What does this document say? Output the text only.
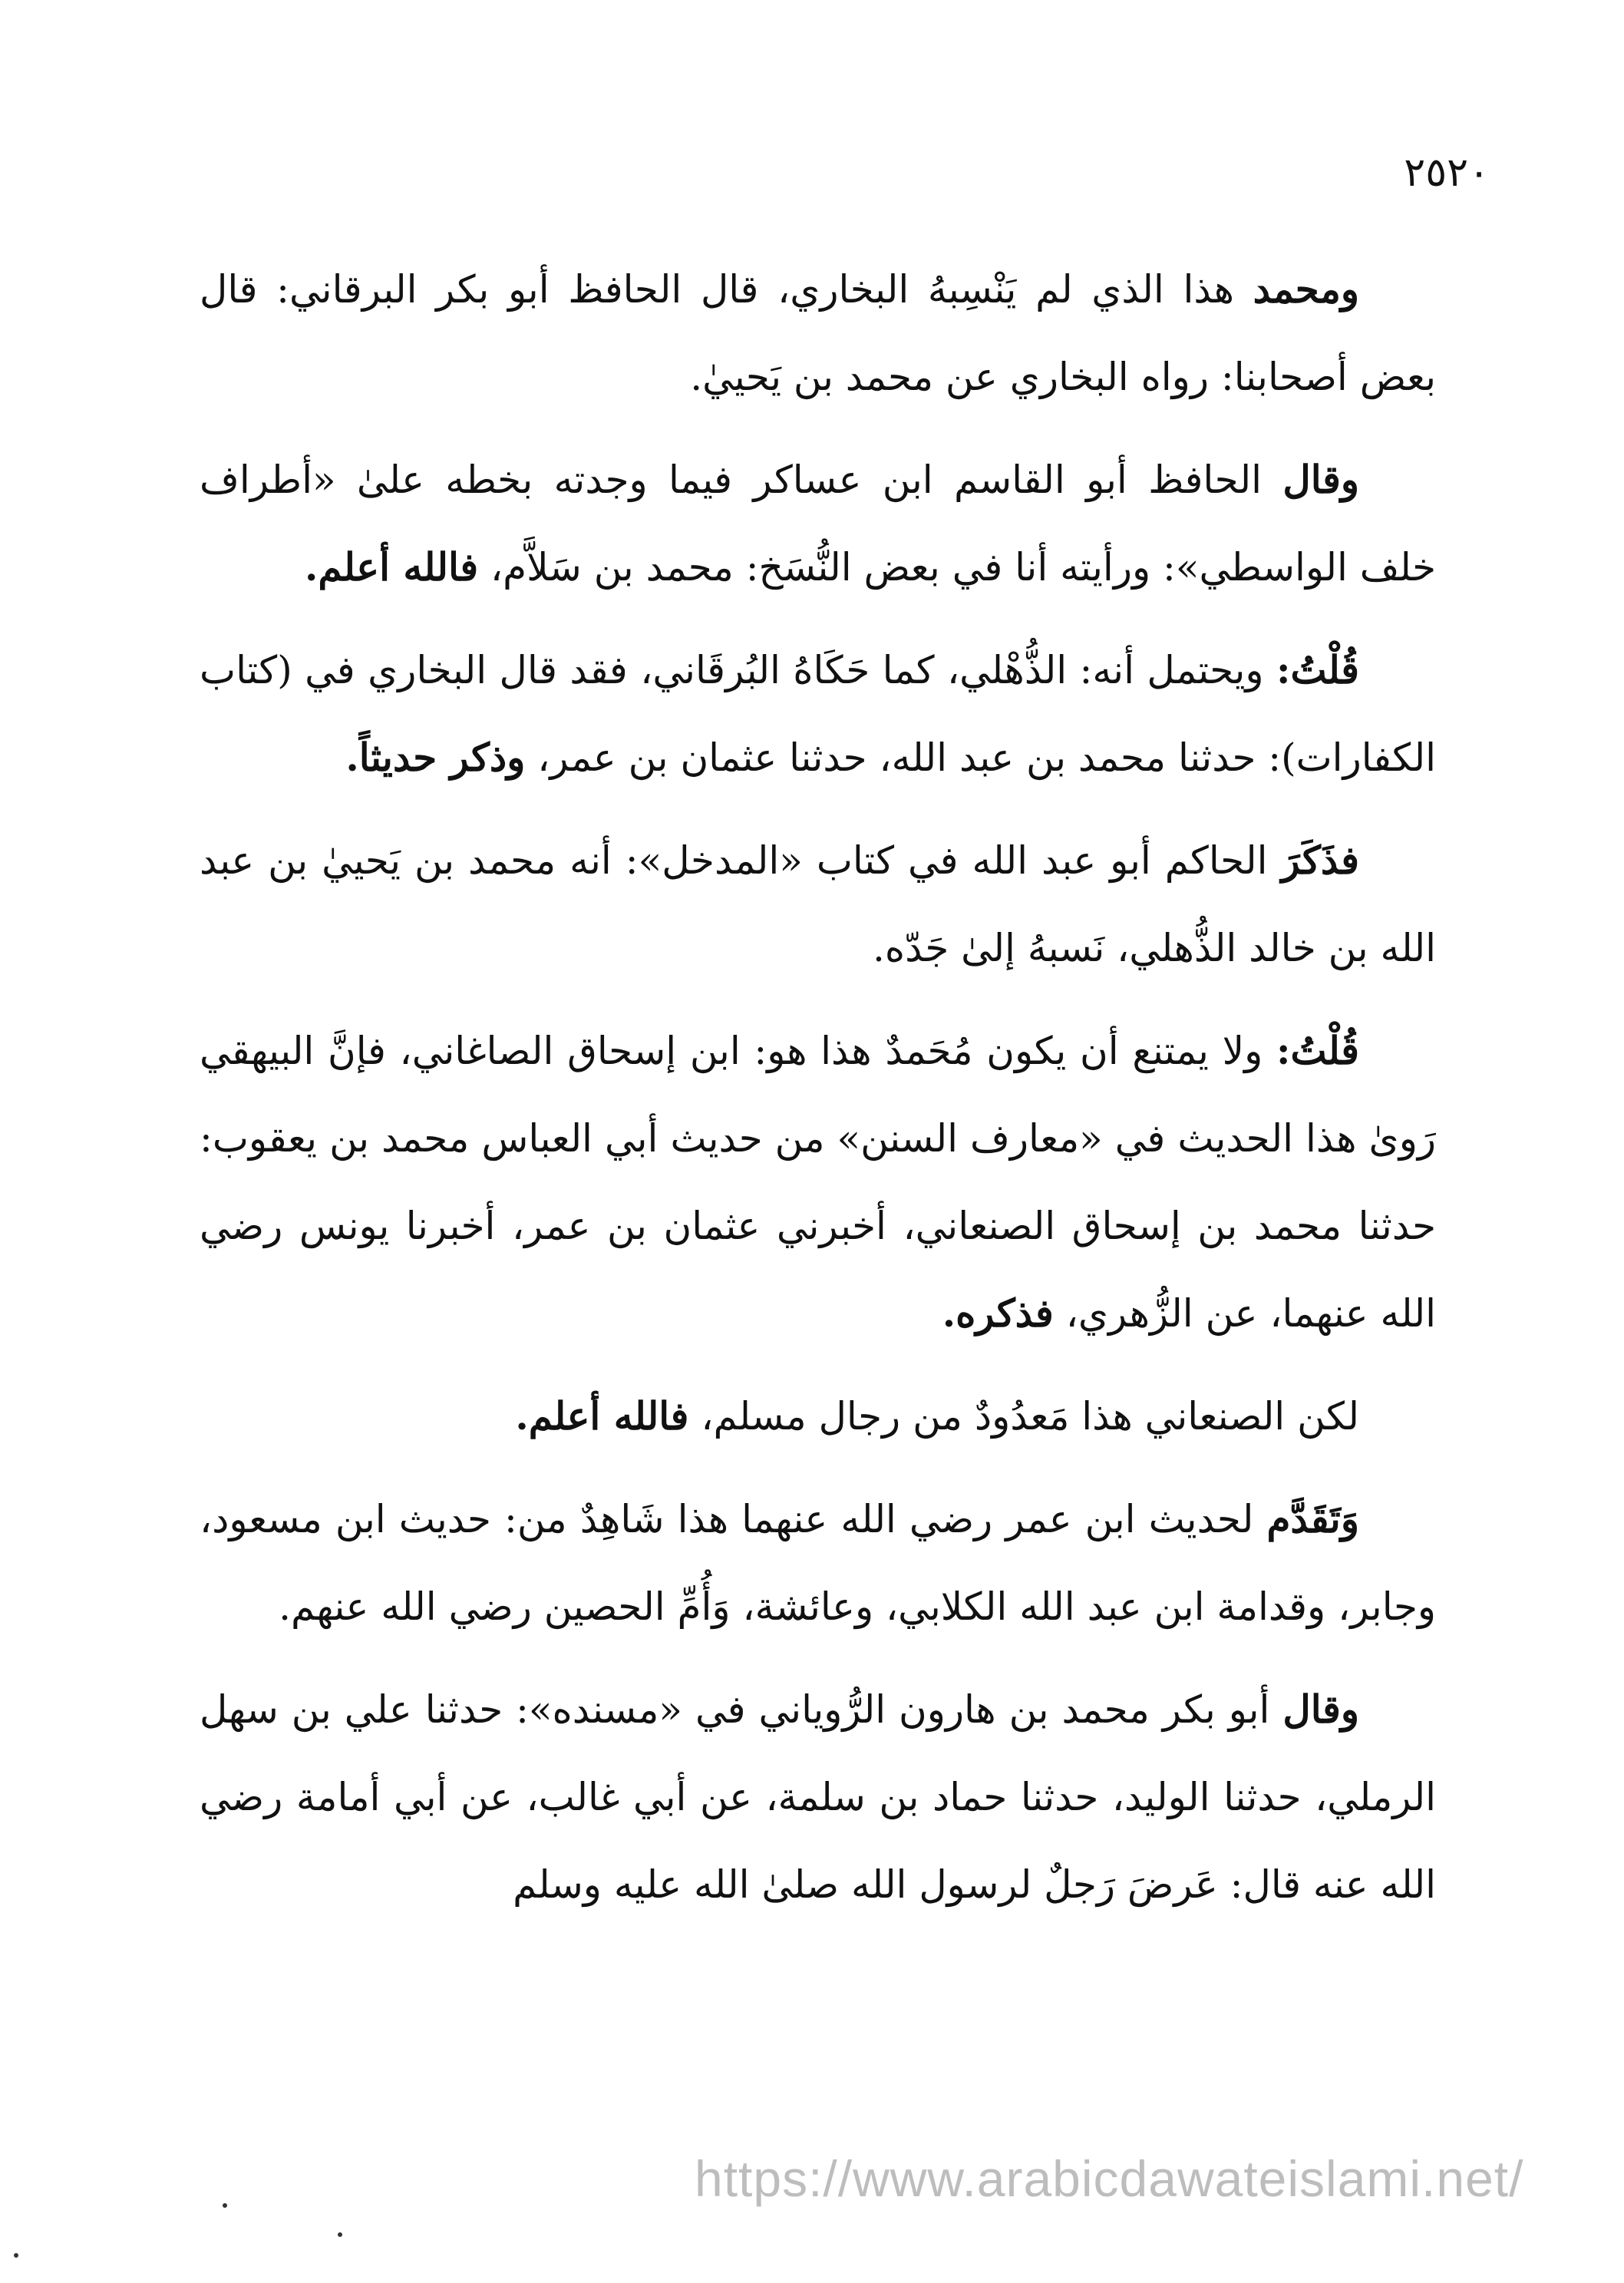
٢٥٢٠

ومحمد هذا الذي لم يَنْسِبهُ البخاري، قال الحافظ أبو بكر البرقاني: قال بعض أصحابنا: رواه البخاري عن محمد بن يَحييٰ.

وقال الحافظ أبو القاسم ابن عساكر فيما وجدته بخطه علىٰ «أطراف خلف الواسطي»: ورأيته أنا في بعض النُّسَخ: محمد بن سَلاَّم، فالله أعلم.

قُلْتُ: ويحتمل أنه: الذُّهْلي، كما حَكَاهُ البُرقَاني، فقد قال البخاري في (كتاب الكفارات): حدثنا محمد بن عبد الله، حدثنا عثمان بن عمر، وذكر حديثاً.

فذَكَرَ الحاكم أبو عبد الله في كتاب «المدخل»: أنه محمد بن يَحييٰ بن عبد الله بن خالد الذُّهلي، نَسبهُ إلىٰ جَدّه.

قُلْتُ: ولا يمتنع أن يكون مُحَمدٌ هذا هو: ابن إسحاق الصاغاني، فإنَّ البيهقي رَوىٰ هذا الحديث في «معارف السنن» من حديث أبي العباس محمد بن يعقوب: حدثنا محمد بن إسحاق الصنعاني، أخبرني عثمان بن عمر، أخبرنا يونس رضي الله عنهما، عن الزُّهري، فذكره.

لكن الصنعاني هذا مَعدُودٌ من رجال مسلم، فالله أعلم.

وَتَقَدَّم لحديث ابن عمر رضي الله عنهما هذا شَاهِدٌ من: حديث ابن مسعود، وجابر، وقدامة ابن عبد الله الكلابي، وعائشة، وَأُمِّ الحصين رضي الله عنهم.

وقال أبو بكر محمد بن هارون الرُّوياني في «مسنده»: حدثنا علي بن سهل الرملي، حدثنا الوليد، حدثنا حماد بن سلمة، عن أبي غالب، عن أبي أمامة رضي الله عنه قال: عَرضَ رَجلٌ لرسول الله صلىٰ الله عليه وسلم

https://www.arabicdawateislami.net/
